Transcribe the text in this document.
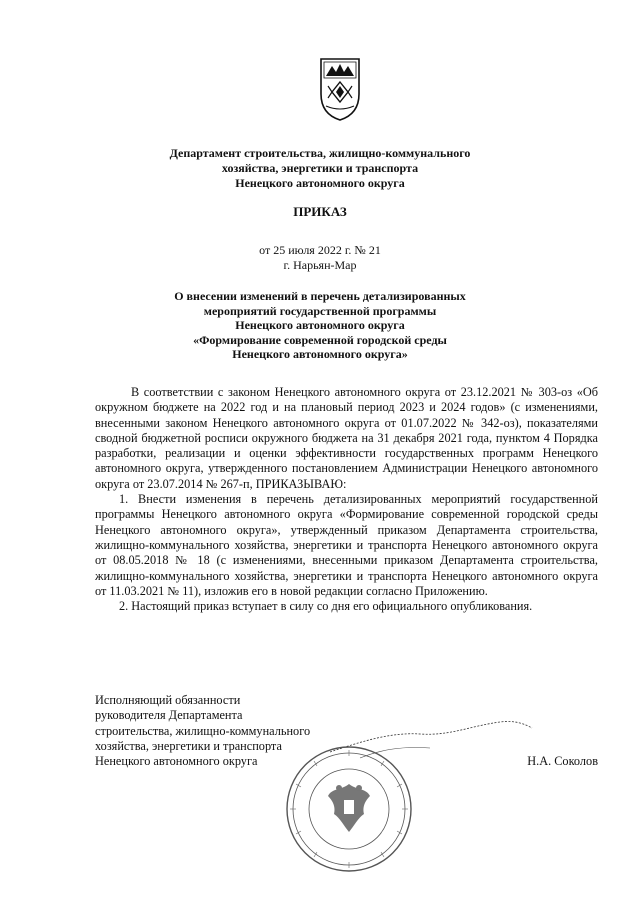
Департамент строительства, жилищно-коммунального
хозяйства, энергетики и транспорта
Ненецкого автономного округа
ПРИКАЗ
от 25 июля 2022 г. № 21
г. Нарьян-Мар
О внесении изменений в перечень детализированных
мероприятий государственной программы
Ненецкого автономного округа
«Формирование современной городской среды
Ненецкого автономного округа»

В соответствии с законом Ненецкого автономного округа от 23.12.2021 № 303-оз «Об окружном бюджете на 2022 год и на плановый период 2023 и 2024 годов» (с изменениями, внесенными законом Ненецкого автономного округа от 01.07.2022 № 342-оз), показателями сводной бюджетной росписи окружного бюджета на 31 декабря 2021 года, пунктом 4 Порядка разработки, реализации и оценки эффективности государственных программ Ненецкого автономного округа, утвержденного постановлением Администрации Ненецкого автономного округа от 23.07.2014 № 267-п, ПРИКАЗЫВАЮ:

1. Внести изменения в перечень детализированных мероприятий государственной программы Ненецкого автономного округа «Формирование современной городской среды Ненецкого автономного округа», утвержденный приказом Департамента строительства, жилищно-коммунального хозяйства, энергетики и транспорта Ненецкого автономного округа от 08.05.2018 № 18 (с изменениями, внесенными приказом Департамента строительства, жилищно-коммунального хозяйства, энергетики и транспорта Ненецкого автономного округа от 11.03.2021 № 11), изложив его в новой редакции согласно Приложению.

2. Настоящий приказ вступает в силу со дня его официального опубликования.

Исполняющий обязанности
руководителя Департамента
строительства, жилищно-коммунального
хозяйства, энергетики и транспорта
Ненецкого автономного округа	Н.А. Соколов
